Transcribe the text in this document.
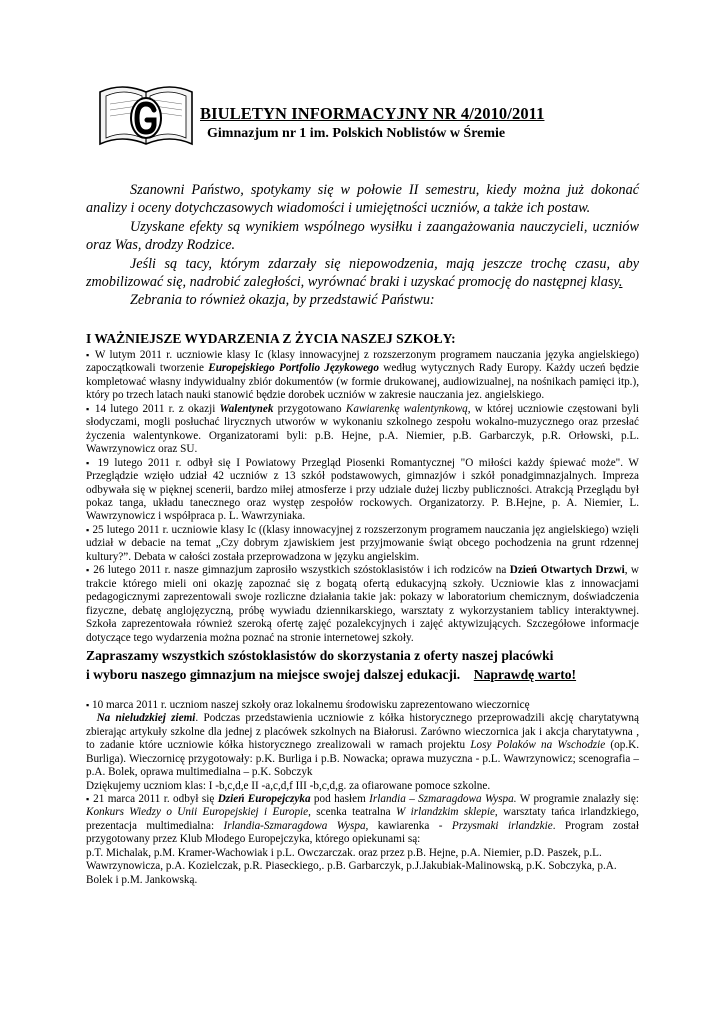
BIULETYN INFORMACYJNY NR 4/2010/2011
Gimnazjum nr 1 im. Polskich Noblistów w Śremie

Szanowni Państwo, spotykamy się w połowie II semestru, kiedy można już dokonać analizy i oceny dotychczasowych wiadomości i umiejętności uczniów, a także ich postaw.

Uzyskane efekty są wynikiem wspólnego wysiłku i zaangażowania nauczycieli, uczniów oraz Was, drodzy Rodzice.

Jeśli są tacy, którym zdarzały się niepowodzenia, mają jeszcze trochę czasu, aby zmobilizować się, nadrobić zaległości, wyrównać braki i uzyskać promocję do następnej klasy.

Zebrania to również okazja, by przedstawić Państwu:

I WAŻNIEJSZE WYDARZENIA Z ŻYCIA NASZEJ SZKOŁY:

▪ W lutym 2011 r. uczniowie klasy Ic (klasy innowacyjnej z rozszerzonym programem nauczania języka angielskiego) zapoczątkowali tworzenie Europejskiego Portfolio Językowego według wytycznych Rady Europy. Każdy uczeń będzie kompletować własny indywidualny zbiór dokumentów (w formie drukowanej, audiowizualnej, na nośnikach pamięci itp.), który po trzech latach nauki stanowić będzie dorobek uczniów w zakresie nauczania jez. angielskiego.

▪ 14 lutego 2011 r. z okazji Walentynek przygotowano Kawiarenkę walentynkową, w której uczniowie częstowani byli słodyczami, mogli posłuchać lirycznych utworów w wykonaniu szkolnego zespołu wokalno-muzycznego oraz przesłać życzenia walentynkowe. Organizatorami byli: p.B. Hejne, p.A. Niemier, p.B. Garbarczyk, p.R. Orłowski, p.L. Wawrzynowicz oraz SU.

▪ 19 lutego 2011 r. odbył się I Powiatowy Przegląd Piosenki Romantycznej "O miłości każdy śpiewać może". W Przeglądzie wzięło udział 42 uczniów z 13 szkół podstawowych, gimnazjów i szkół ponadgimnazjalnych. Impreza odbywała się w pięknej scenerii, bardzo miłej atmosferze i przy udziale dużej liczby publiczności. Atrakcją Przeglądu był pokaz tanga, układu tanecznego oraz występ zespołów rockowych. Organizatorzy. P. B.Hejne, p. A. Niemier, L. Wawrzynowicz i współpraca p. L. Wawrzyniaka.

▪ 25 lutego 2011 r. uczniowie klasy Ic ((klasy innowacyjnej z rozszerzonym programem nauczania jęz angielskiego) wzięli udział w debacie na temat „Czy dobrym zjawiskiem jest przyjmowanie świąt obcego pochodzenia na grunt rdzennej kultury?”. Debata w całości została przeprowadzona w języku angielskim.

▪ 26 lutego 2011 r. nasze gimnazjum zaprosiło wszystkich szóstoklasistów i ich rodziców na Dzień Otwartych Drzwi, w trakcie którego mieli oni okazję zapoznać się z bogatą ofertą edukacyjną szkoły. Uczniowie klas z innowacjami pedagogicznymi zaprezentowali swoje rozliczne działania takie jak: pokazy w laboratorium chemicznym, doświadczenia fizyczne, debatę anglojęzyczną, próbę wywiadu dziennikarskiego, warsztaty z wykorzystaniem tablicy interaktywnej. Szkoła zaprezentowała również szeroką ofertę zajęć pozalekcyjnych i zajęć aktywizujących. Szczegółowe informacje dotyczące tego wydarzenia można poznać na stronie internetowej szkoły.

Zapraszamy wszystkich szóstoklasistów do skorzystania z oferty naszej placówki
i wyboru naszego gimnazjum na miejsce swojej dalszej edukacji. Naprawdę warto!

▪ 10 marca 2011 r. uczniom naszej szkoły oraz lokalnemu środowisku zaprezentowano wieczornicę
Na nieludzkiej ziemi. Podczas przedstawienia uczniowie z kółka historycznego przeprowadzili akcję charytatywną zbierając artykuły szkolne dla jednej z placówek szkolnych na Białorusi. Zarówno wieczornica jak i akcja charytatywna , to zadanie które uczniowie kółka historycznego zrealizowali w ramach projektu Losy Polaków na Wschodzie (op.K. Burliga). Wieczornicę przygotowały: p.K. Burliga i p.B. Nowacka; oprawa muzyczna - p.L. Wawrzynowicz; scenografia – p.A. Bolek, oprawa multimedialna – p.K. Sobczyk

Dziękujemy uczniom klas: I -b,c,d,e II -a,c,d,f III -b,c,d,g. za ofiarowane pomoce szkolne.

▪ 21 marca 2011 r. odbył się Dzień Europejczyka pod hasłem Irlandia – Szmaragdowa Wyspa. W programie znalazły się: Konkurs Wiedzy o Unii Europejskiej i Europie, scenka teatralna W irlandzkim sklepie, warsztaty tańca irlandzkiego, prezentacja multimedialna: Irlandia-Szmaragdowa Wyspa, kawiarenka - Przysmaki irlandzkie. Program został przygotowany przez Klub Młodego Europejczyka, którego opiekunami są:

p.T. Michalak, p.M. Kramer-Wachowiak i p.L. Owczarczak. oraz przez p.B. Hejne, p.A. Niemier, p.D. Paszek, p.L. Wawrzynowicza, p.A. Kozielczak, p.R. Piaseckiego,. p.B. Garbarczyk, p.J.Jakubiak-Malinowską, p.K. Sobczyka, p.A. Bolek i p.M. Jankowską.
